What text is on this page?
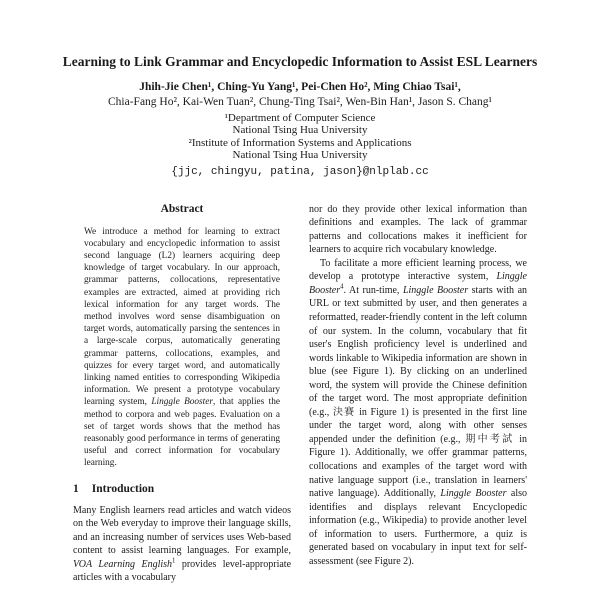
Learning to Link Grammar and Encyclopedic Information to Assist ESL Learners
Jhih-Jie Chen¹, Ching-Yu Yang¹, Pei-Chen Ho², Ming Chiao Tsai¹,
Chia-Fang Ho², Kai-Wen Tuan², Chung-Ting Tsai², Wen-Bin Han¹, Jason S. Chang¹
¹Department of Computer Science
National Tsing Hua University
²Institute of Information Systems and Applications
National Tsing Hua University
{jjc, chingyu, patina, jason}@nlplab.cc
Abstract

We introduce a method for learning to extract vocabulary and encyclopedic information to assist second language (L2) learners acquiring deep knowledge of target vocabulary. In our approach, grammar patterns, collocations, representative examples are extracted, aimed at providing rich lexical information for any target words. The method involves word sense disambiguation on target words, automatically parsing the sentences in a large-scale corpus, automatically generating grammar patterns, collocations, examples, and quizzes for every target word, and automatically linking named entities to corresponding Wikipedia information. We present a prototype vocabulary learning system, Linggle Booster, that applies the method to corpora and web pages. Evaluation on a set of target words shows that the method has reasonably good performance in terms of generating useful and correct information for vocabulary learning.

1 Introduction

Many English learners read articles and watch videos on the Web everyday to improve their language skills, and an increasing number of services uses Web-based content to assist learning languages. For example, VOA Learning English$^1$ provides level-appropriate articles with a vocabulary

nor do they provide other lexical information than definitions and examples. The lack of grammar patterns and collocations makes it inefficient for learners to acquire rich vocabulary knowledge.

To facilitate a more efficient learning process, we develop a prototype interactive system, Linggle Booster$^4$. At run-time, Linggle Booster starts with an URL or text submitted by user, and then generates a reformatted, reader-friendly content in the left column of our system. In the column, vocabulary that fit user's English proficiency level is underlined and words linkable to Wikipedia information are shown in blue (see Figure 1). By clicking on an underlined word, the system will provide the Chinese definition of the target word. The most appropriate definition (e.g., 決賽 in Figure 1) is presented in the first line under the target word, along with other senses appended under the definition (e.g., 期中考試 in Figure 1). Additionally, we offer grammar patterns, collocations and examples of the target word with native language support (i.e., translation in learners' native language). Additionally, Linggle Booster also identifies and displays relevant Encyclopedic information (e.g., Wikipedia) to provide another level of information to users. Furthermore, a quiz is generated based on vocabulary in input text for self-assessment (see Figure 2).
